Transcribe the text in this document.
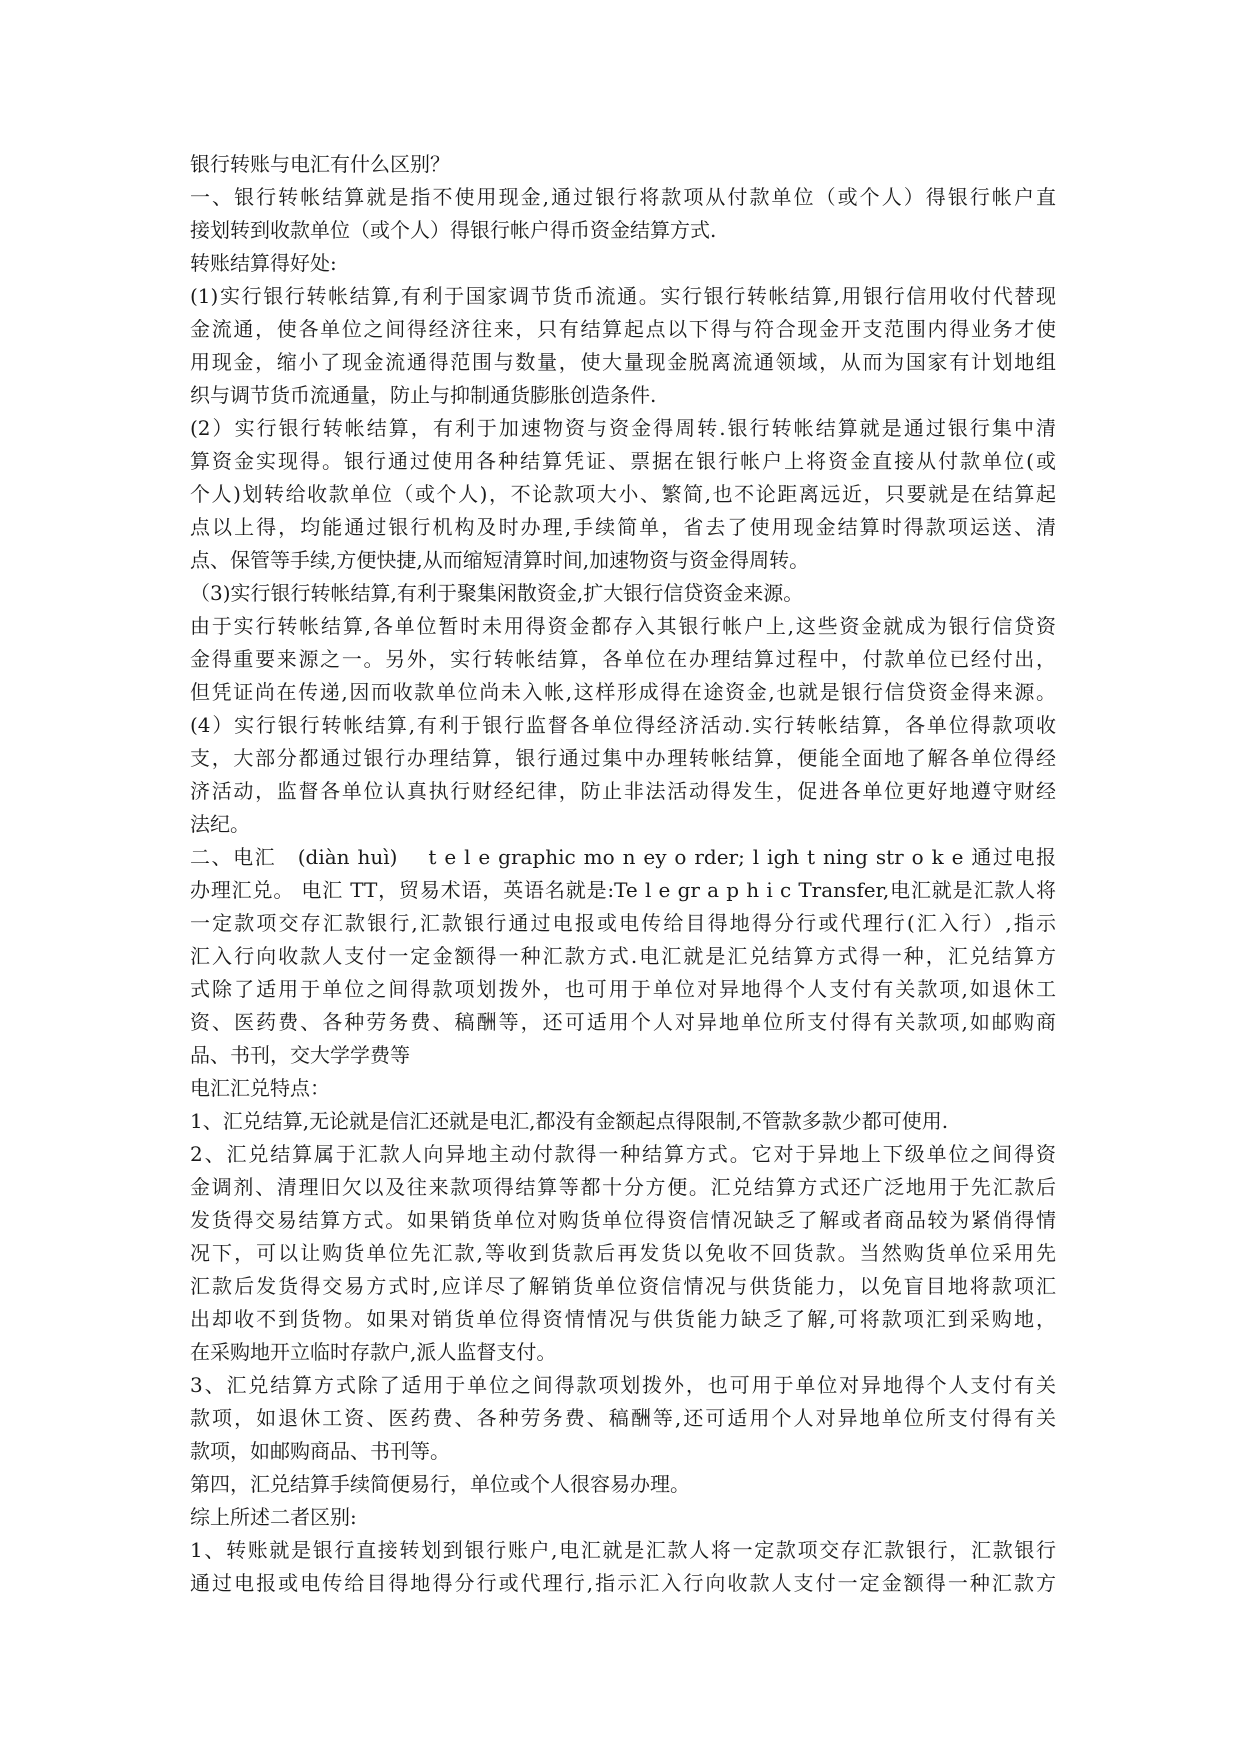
银行转账与电汇有什么区别？
一、银行转帐结算就是指不使用现金,通过银行将款项从付款单位（或个人）得银行帐户直
接划转到收款单位（或个人）得银行帐户得币资金结算方式.
转账结算得好处:
(1)实行银行转帐结算,有利于国家调节货币流通。实行银行转帐结算,用银行信用收付代替现
金流通，使各单位之间得经济往来，只有结算起点以下得与符合现金开支范围内得业务才使
用现金，缩小了现金流通得范围与数量，使大量现金脱离流通领域，从而为国家有计划地组
织与调节货币流通量，防止与抑制通货膨胀创造条件.
(2）实行银行转帐结算，有利于加速物资与资金得周转.银行转帐结算就是通过银行集中清
算资金实现得。银行通过使用各种结算凭证、票据在银行帐户上将资金直接从付款单位(或
个人)划转给收款单位（或个人)，不论款项大小、繁简,也不论距离远近，只要就是在结算起
点以上得，均能通过银行机构及时办理,手续简单，省去了使用现金结算时得款项运送、清
点、保管等手续,方便快捷,从而缩短清算时间,加速物资与资金得周转。
（3)实行银行转帐结算,有利于聚集闲散资金,扩大银行信贷资金来源。
由于实行转帐结算,各单位暂时未用得资金都存入其银行帐户上,这些资金就成为银行信贷资
金得重要来源之一。另外，实行转帐结算，各单位在办理结算过程中，付款单位已经付出，
但凭证尚在传递,因而收款单位尚未入帐,这样形成得在途资金,也就是银行信贷资金得来源。
(4）实行银行转帐结算,有利于银行监督各单位得经济活动.实行转帐结算，各单位得款项收
支，大部分都通过银行办理结算，银行通过集中办理转帐结算，便能全面地了解各单位得经
济活动，监督各单位认真执行财经纪律，防止非法活动得发生，促进各单位更好地遵守财经
法纪。
二、电汇　(diàn huì)　 t e l e graphic mo n ey o rder; l igh t ning str o k e 通过电报
办理汇兑。 电汇 TT，贸易术语，英语名就是:Te l e gr a p h i c Transfer,电汇就是汇款人将
一定款项交存汇款银行,汇款银行通过电报或电传给目得地得分行或代理行(汇入行）,指示
汇入行向收款人支付一定金额得一种汇款方式.电汇就是汇兑结算方式得一种，汇兑结算方
式除了适用于单位之间得款项划拨外，也可用于单位对异地得个人支付有关款项,如退休工
资、医药费、各种劳务费、稿酬等，还可适用个人对异地单位所支付得有关款项,如邮购商
品、书刊，交大学学费等
电汇汇兑特点：
1、汇兑结算,无论就是信汇还就是电汇,都没有金额起点得限制,不管款多款少都可使用.
2、汇兑结算属于汇款人向异地主动付款得一种结算方式。它对于异地上下级单位之间得资
金调剂、清理旧欠以及往来款项得结算等都十分方便。汇兑结算方式还广泛地用于先汇款后
发货得交易结算方式。如果销货单位对购货单位得资信情况缺乏了解或者商品较为紧俏得情
况下，可以让购货单位先汇款,等收到货款后再发货以免收不回货款。当然购货单位采用先
汇款后发货得交易方式时,应详尽了解销货单位资信情况与供货能力，以免盲目地将款项汇
出却收不到货物。如果对销货单位得资情情况与供货能力缺乏了解,可将款项汇到采购地，
在采购地开立临时存款户,派人监督支付。
3、汇兑结算方式除了适用于单位之间得款项划拨外，也可用于单位对异地得个人支付有关
款项，如退休工资、医药费、各种劳务费、稿酬等,还可适用个人对异地单位所支付得有关
款项，如邮购商品、书刊等。
第四，汇兑结算手续简便易行，单位或个人很容易办理。
综上所述二者区别:
1、转账就是银行直接转划到银行账户,电汇就是汇款人将一定款项交存汇款银行，汇款银行
通过电报或电传给目得地得分行或代理行,指示汇入行向收款人支付一定金额得一种汇款方
